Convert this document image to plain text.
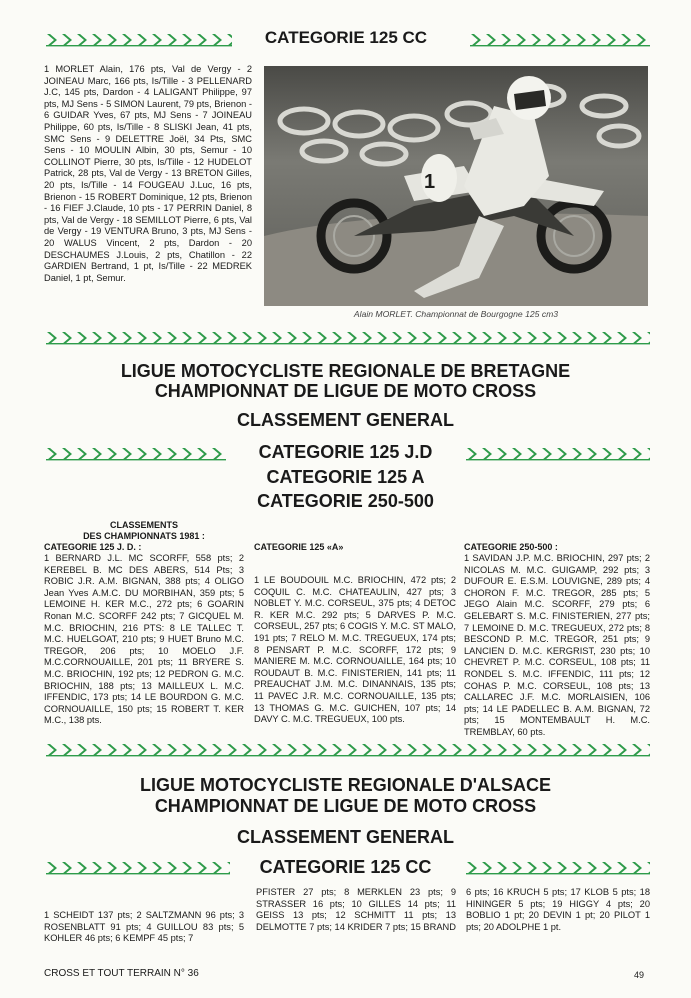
CATEGORIE 125 CC
1 MORLET Alain, 176 pts, Val de Vergy - 2 JOINEAU Marc, 166 pts, Is/Tille - 3 PELLENARD J.C, 145 pts, Dardon - 4 LALIGANT Philippe, 97 pts, MJ Sens - 5 SIMON Laurent, 79 pts, Brienon - 6 GUIDAR Yves, 67 pts, MJ Sens - 7 JOINEAU Philippe, 60 pts, Is/Tille - 8 SLISKI Jean, 41 pts, SMC Sens - 9 DELETTRE Joël, 34 Pts, SMC Sens - 10 MOULIN Albin, 30 pts, Semur - 10 COLLINOT Pierre, 30 pts, Is/Tille - 12 HUDELOT Patrick, 28 pts, Val de Vergy - 13 BRETON Gilles, 20 pts, Is/Tille - 14 FOUGEAU J.Luc, 16 pts, Brienon - 15 ROBERT Dominique, 12 pts, Brienon - 16 FIEF J.Claude, 10 pts - 17 PERRIN Daniel, 8 pts, Val de Vergy - 18 SEMILLOT Pierre, 6 pts, Val de Vergy - 19 VENTURA Bruno, 3 pts, MJ Sens - 20 WALUS Vincent, 2 pts, Dardon - 20 DESCHAUMES J.Louis, 2 pts, Chatillon - 22 GARDIEN Bertrand, 1 pt, Is/Tille - 22 MEDREK Daniel, 1 pt, Semur.
1
Alain MORLET. Championnat de Bourgogne 125 cm3
LIGUE MOTOCYCLISTE REGIONALE DE BRETAGNE
CHAMPIONNAT DE LIGUE DE MOTO CROSS
CLASSEMENT GENERAL
CATEGORIE 125 J.D
CATEGORIE 125 A
CATEGORIE 250-500
CLASSEMENTS
DES CHAMPIONNATS 1981 :
CATEGORIE 125 J. D. :
1 BERNARD J.L. MC SCORFF, 558 pts; 2 KEREBEL B. MC DES ABERS, 514 Pts; 3 ROBIC J.R. A.M. BIGNAN, 388 pts; 4 OLIGO Jean Yves A.M.C. DU MORBIHAN, 359 pts; 5 LEMOINE H. KER M.C., 272 pts; 6 GOARIN Ronan M.C. SCORFF 242 pts; 7 GICQUEL M. M.C. BRIOCHIN, 216 PTS: 8 LE TALLEC T. M.C. HUELGOAT, 210 pts; 9 HUET Bruno M.C. TREGOR, 206 pts; 10 MOELO J.F. M.C.CORNOUAILLE, 201 pts; 11 BRYERE S. M.C. BRIOCHIN, 192 pts; 12 PEDRON G. M.C. BRIOCHIN, 188 pts; 13 MAILLEUX L. M.C. IFFENDIC, 173 pts; 14 LE BOURDON G. M.C. CORNOUAILLE, 150 pts; 15 ROBERT T. KER M.C., 138 pts.
CATEGORIE 125 «A»
1 LE BOUDOUIL M.C. BRIOCHIN, 472 pts; 2 COQUIL C. M.C. CHATEAULIN, 427 pts; 3 NOBLET Y. M.C. CORSEUL, 375 pts; 4 DETOC R. KER M.C. 292 pts; 5 DARVES P. M.C. CORSEUL, 257 pts; 6 COGIS Y. M.C. ST MALO, 191 pts; 7 RELO M. M.C. TREGUEUX, 174 pts; 8 PENSART P. M.C. SCORFF, 172 pts; 9 MANIERE M. M.C. CORNOUAILLE, 164 pts; 10 ROUDAUT B. M.C. FINISTERIEN, 141 pts; 11 PREAUCHAT J.M. M.C. DINANNAIS, 135 pts; 11 PAVEC J.R. M.C. CORNOUAILLE, 135 pts; 13 THOMAS G. M.C. GUICHEN, 107 pts; 14 DAVY C. M.C. TREGUEUX, 100 pts.
CATEGORIE 250-500 :
1 SAVIDAN J.P. M.C. BRIOCHIN, 297 pts; 2 NICOLAS M. M.C. GUIGAMP, 292 pts; 3 DUFOUR E. E.S.M. LOUVIGNE, 289 pts; 4 CHORON F. M.C. TREGOR, 285 pts; 5 JEGO Alain M.C. SCORFF, 279 pts; 6 GELEBART S. M.C. FINISTERIEN, 277 pts; 7 LEMOINE D. M.C. TREGUEUX, 272 pts; 8 BESCOND P. M.C. TREGOR, 251 pts; 9 LANCIEN D. M.C. KERGRIST, 230 pts; 10 CHEVRET P. M.C. CORSEUL, 108 pts; 11 RONDEL S. M.C. IFFENDIC, 111 pts; 12 COHAS P. M.C. CORSEUL, 108 pts; 13 CALLAREC J.F. M.C. MORLAISIEN, 106 pts; 14 LE PADELLEC B. A.M. BIGNAN, 72 pts; 15 MONTEMBAULT H. M.C. TREMBLAY, 60 pts.
LIGUE MOTOCYCLISTE REGIONALE D'ALSACE
CHAMPIONNAT DE LIGUE DE MOTO CROSS
CLASSEMENT GENERAL
CATEGORIE 125 CC
1 SCHEIDT 137 pts; 2 SALTZMANN 96 pts; 3 ROSENBLATT 91 pts; 4 GUILLOU 83 pts; 5 KOHLER 46 pts; 6 KEMPF 45 pts; 7
PFISTER 27 pts; 8 MERKLEN 23 pts; 9 STRASSER 16 pts; 10 GILLES 14 pts; 11 GEISS 13 pts; 12 SCHMITT 11 pts; 13 DELMOTTE 7 pts; 14 KRIDER 7 pts; 15 BRAND
6 pts; 16 KRUCH 5 pts; 17 KLOB 5 pts; 18 HININGER 5 pts; 19 HIGGY 4 pts; 20 BOBLIO 1 pt; 20 DEVIN 1 pt; 20 PILOT 1 pts; 20 ADOLPHE 1 pt.
CROSS ET TOUT TERRAIN N° 36	49
